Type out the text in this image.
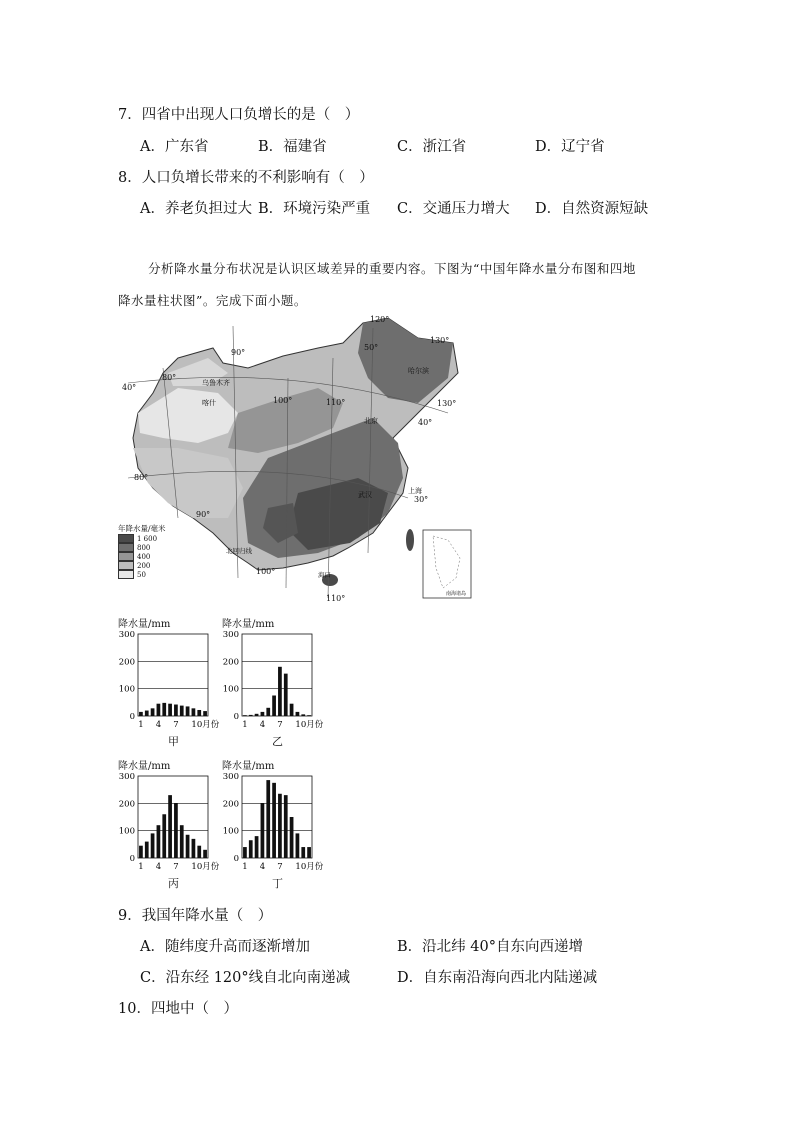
7．四省中出现人口负增长的是（　）
A．广东省	B．福建省	C．浙江省	D．辽宁省
8．人口负增长带来的不利影响有（　）
A．养老负担过大 B．环境污染严重 C．交通压力增大 D．自然资源短缺
分析降水量分布状况是认识区域差异的重要内容。下图为“中国年降水量分布图和四地
降水量柱状图”。完成下面小题。
120°
130°
50°
90°
80°
40°	乌鲁木齐
喀什	100°	110°
哈尔滨
130°
北京	40°
上海
30°
武汉
80°
90°
北回归线
100°	海口
110°	南海诸岛
年降水量/毫米
1 600
800
400
200
50
300
200
100
0
1 4 7 10月份
甲
降水量/mm
300
200
100
0
1 4 7 10月份
乙
降水量/mm
300
200
100
0
1 4 7 10月份
丙
降水量/mm
300
200
100
0
1 4 7 10月份
丁
降水量/mm
9．我国年降水量（　）
A．随纬度升高而逐渐增加	B．沿北纬 40°自东向西递增
C．沿东经 120°线自北向南递减	D．自东南沿海向西北内陆递减
10．四地中（　）
